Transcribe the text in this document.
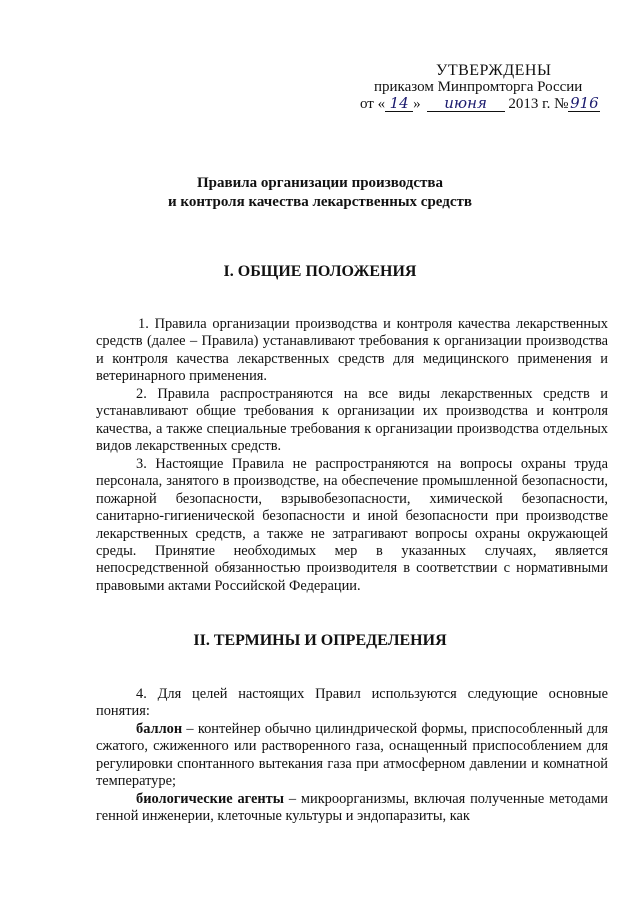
УТВЕРЖДЕНЫ
приказом Минпромторга России
от « 14 » июня 2013 г. № 916
Правила организации производства
и контроля качества лекарственных средств
I. ОБЩИЕ ПОЛОЖЕНИЯ

1. Правила организации производства и контроля качества лекарственных средств (далее – Правила) устанавливают требования к организации производства и контроля качества лекарственных средств для медицинского применения и ветеринарного применения.

2. Правила распространяются на все виды лекарственных средств и устанавливают общие требования к организации их производства и контроля качества, а также специальные требования к организации производства отдельных видов лекарственных средств.

3. Настоящие Правила не распространяются на вопросы охраны труда персонала, занятого в производстве, на обеспечение промышленной безопасности, пожарной безопасности, взрывобезопасности, химической безопасности, санитарно-гигиенической безопасности и иной безопасности при производстве лекарственных средств, а также не затрагивают вопросы охраны окружающей среды. Принятие необходимых мер в указанных случаях, является непосредственной обязанностью производителя в соответствии с нормативными правовыми актами Российской Федерации.

II. ТЕРМИНЫ И ОПРЕДЕЛЕНИЯ

4. Для целей настоящих Правил используются следующие основные понятия:

баллон – контейнер обычно цилиндрической формы, приспособленный для сжатого, сжиженного или растворенного газа, оснащенный приспособлением для регулировки спонтанного вытекания газа при атмосферном давлении и комнатной температуре;

биологические агенты – микроорганизмы, включая полученные методами генной инженерии, клеточные культуры и эндопаразиты, как
